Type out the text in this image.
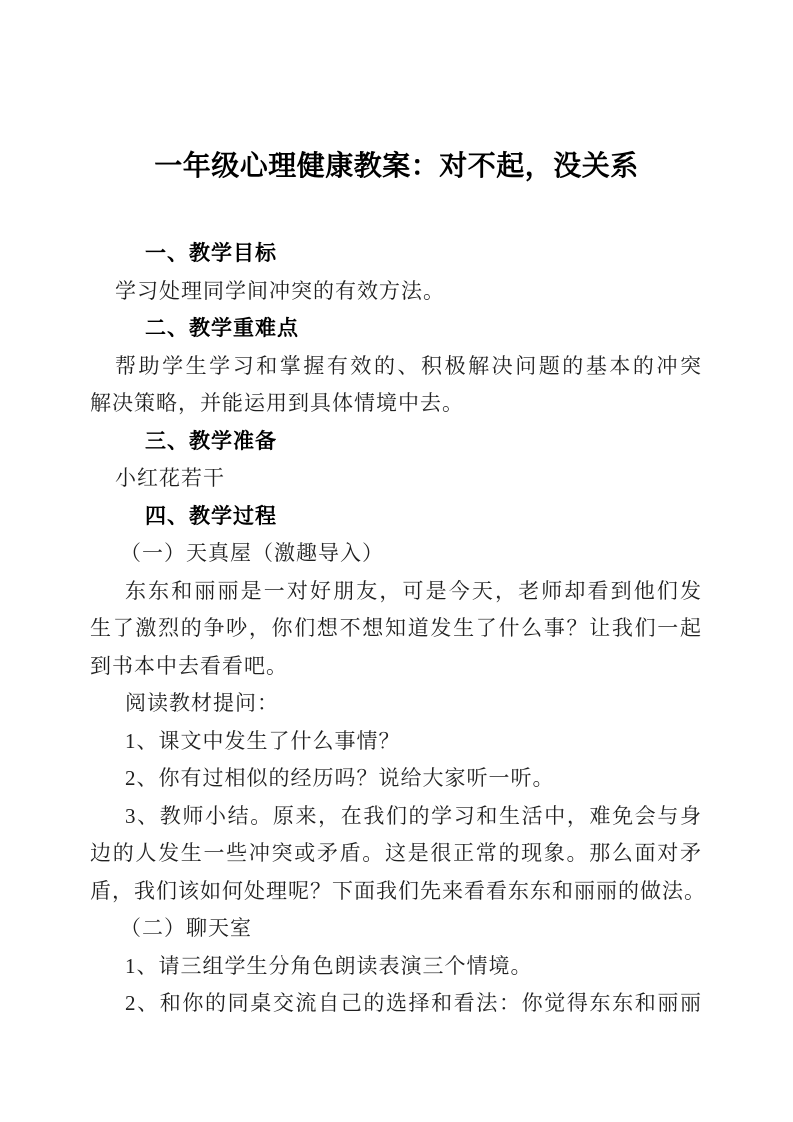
一年级心理健康教案：对不起，没关系
一、教学目标
学习处理同学间冲突的有效方法。
二、教学重难点
帮助学生学习和掌握有效的、积极解决问题的基本的冲突
解决策略，并能运用到具体情境中去。
三、教学准备
小红花若干
四、教学过程
（一）天真屋（激趣导入）
东东和丽丽是一对好朋友，可是今天，老师却看到他们发
生了激烈的争吵，你们想不想知道发生了什么事？让我们一起
到书本中去看看吧。
阅读教材提问：
1、课文中发生了什么事情？
2、你有过相似的经历吗？说给大家听一听。
3、教师小结。原来，在我们的学习和生活中，难免会与身
边的人发生一些冲突或矛盾。这是很正常的现象。那么面对矛
盾，我们该如何处理呢？下面我们先来看看东东和丽丽的做法。
（二）聊天室
1、请三组学生分角色朗读表演三个情境。
2、和你的同桌交流自己的选择和看法：你觉得东东和丽丽
